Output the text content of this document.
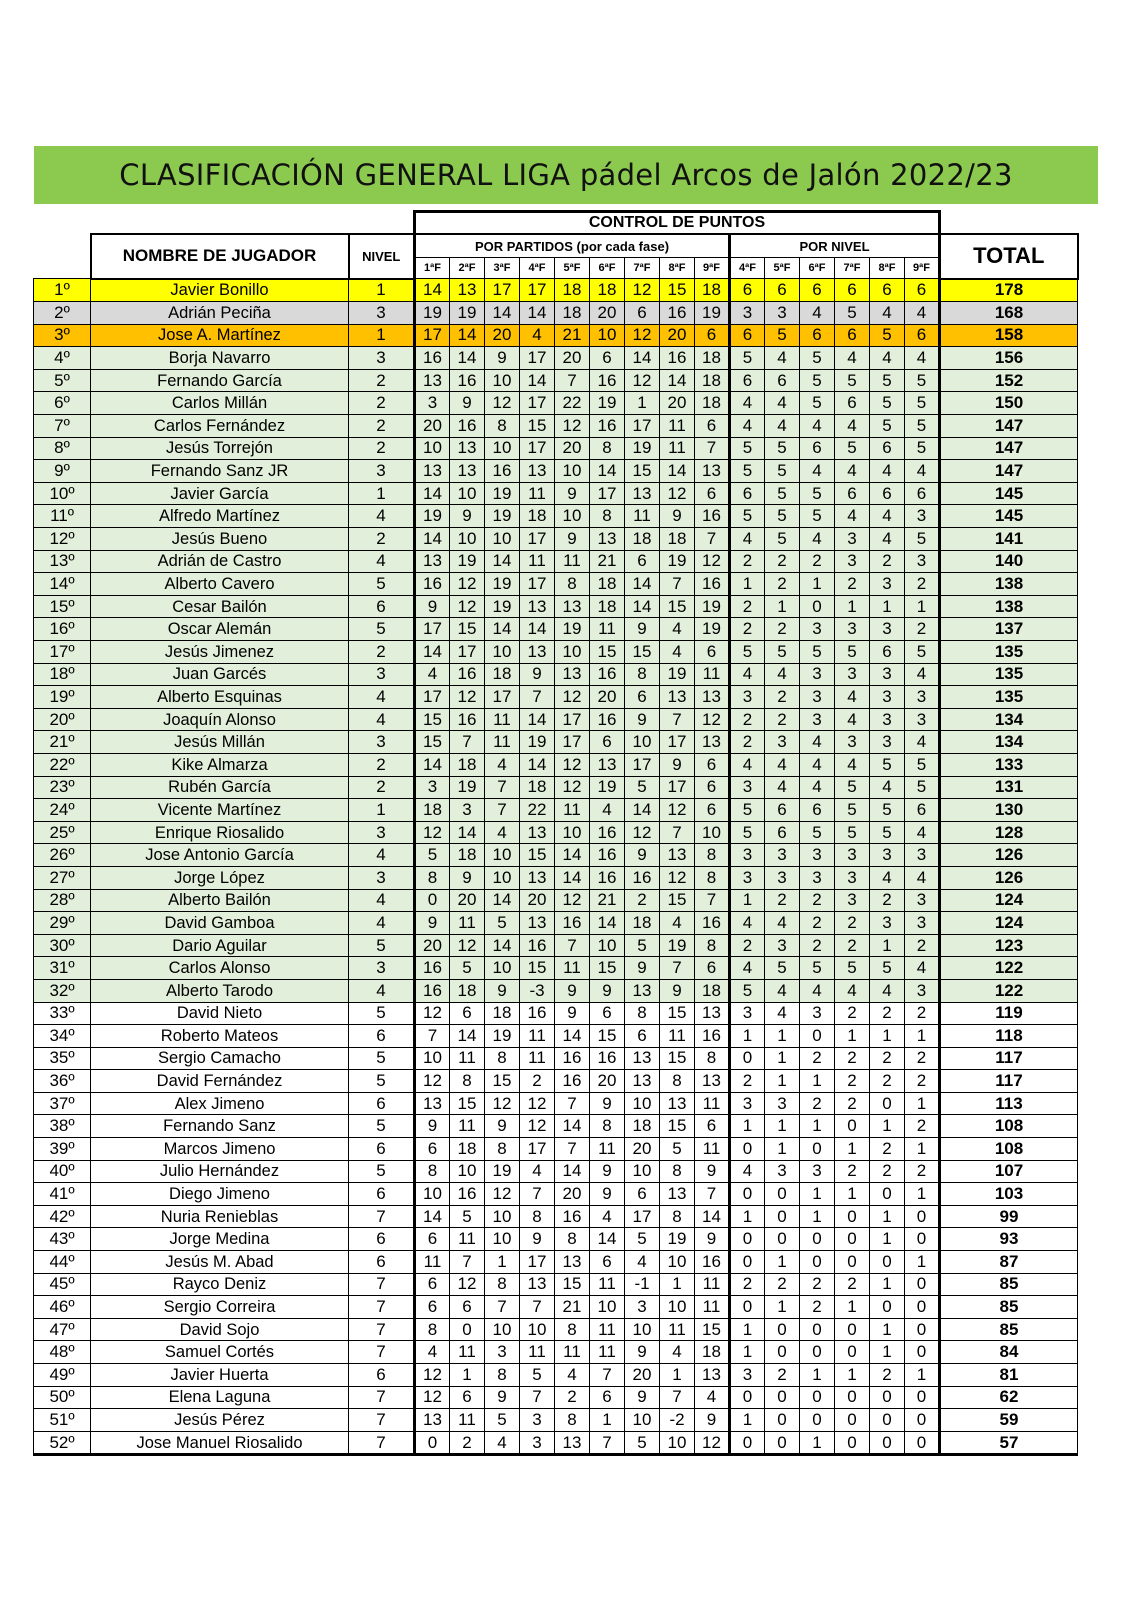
CLASIFICACIÓN GENERAL LIGA pádel Arcos de Jalón 2022/23
			CONTROL DE PUNTOS															
	NOMBRE DE JUGADOR	NIVEL	POR PARTIDOS (por cada fase)									POR NIVEL						TOTAL
			1ªF	2ªF	3ªF	4ªF	5ªF	6ªF	7ªF	8ªF	9ªF	4ªF	5ªF	6ªF	7ªF	8ªF	9ªF	
1º	Javier Bonillo	1	14	13	17	17	18	18	12	15	18	6	6	6	6	6	6	178
2º	Adrián Peciña	3	19	19	14	14	18	20	6	16	19	3	3	4	5	4	4	168
3º	Jose A. Martínez	1	17	14	20	4	21	10	12	20	6	6	5	6	6	5	6	158
4º	Borja Navarro	3	16	14	9	17	20	6	14	16	18	5	4	5	4	4	4	156
5º	Fernando García	2	13	16	10	14	7	16	12	14	18	6	6	5	5	5	5	152
6º	Carlos Millán	2	3	9	12	17	22	19	1	20	18	4	4	5	6	5	5	150
7º	Carlos Fernández	2	20	16	8	15	12	16	17	11	6	4	4	4	4	5	5	147
8º	Jesús Torrejón	2	10	13	10	17	20	8	19	11	7	5	5	6	5	6	5	147
9º	Fernando Sanz JR	3	13	13	16	13	10	14	15	14	13	5	5	4	4	4	4	147
10º	Javier García	1	14	10	19	11	9	17	13	12	6	6	5	5	6	6	6	145
11º	Alfredo Martínez	4	19	9	19	18	10	8	11	9	16	5	5	5	4	4	3	145
12º	Jesús Bueno	2	14	10	10	17	9	13	18	18	7	4	5	4	3	4	5	141
13º	Adrián de Castro	4	13	19	14	11	11	21	6	19	12	2	2	2	3	2	3	140
14º	Alberto Cavero	5	16	12	19	17	8	18	14	7	16	1	2	1	2	3	2	138
15º	Cesar Bailón	6	9	12	19	13	13	18	14	15	19	2	1	0	1	1	1	138
16º	Oscar Alemán	5	17	15	14	14	19	11	9	4	19	2	2	3	3	3	2	137
17º	Jesús Jimenez	2	14	17	10	13	10	15	15	4	6	5	5	5	5	6	5	135
18º	Juan Garcés	3	4	16	18	9	13	16	8	19	11	4	4	3	3	3	4	135
19º	Alberto Esquinas	4	17	12	17	7	12	20	6	13	13	3	2	3	4	3	3	135
20º	Joaquín Alonso	4	15	16	11	14	17	16	9	7	12	2	2	3	4	3	3	134
21º	Jesús Millán	3	15	7	11	19	17	6	10	17	13	2	3	4	3	3	4	134
22º	Kike Almarza	2	14	18	4	14	12	13	17	9	6	4	4	4	4	5	5	133
23º	Rubén García	2	3	19	7	18	12	19	5	17	6	3	4	4	5	4	5	131
24º	Vicente Martínez	1	18	3	7	22	11	4	14	12	6	5	6	6	5	5	6	130
25º	Enrique Riosalido	3	12	14	4	13	10	16	12	7	10	5	6	5	5	5	4	128
26º	Jose Antonio García	4	5	18	10	15	14	16	9	13	8	3	3	3	3	3	3	126
27º	Jorge López	3	8	9	10	13	14	16	16	12	8	3	3	3	3	4	4	126
28º	Alberto Bailón	4	0	20	14	20	12	21	2	15	7	1	2	2	3	2	3	124
29º	David Gamboa	4	9	11	5	13	16	14	18	4	16	4	4	2	2	3	3	124
30º	Dario Aguilar	5	20	12	14	16	7	10	5	19	8	2	3	2	2	1	2	123
31º	Carlos Alonso	3	16	5	10	15	11	15	9	7	6	4	5	5	5	5	4	122
32º	Alberto Tarodo	4	16	18	9	-3	9	9	13	9	18	5	4	4	4	4	3	122
33º	David Nieto	5	12	6	18	16	9	6	8	15	13	3	4	3	2	2	2	119
34º	Roberto Mateos	6	7	14	19	11	14	15	6	11	16	1	1	0	1	1	1	118
35º	Sergio Camacho	5	10	11	8	11	16	16	13	15	8	0	1	2	2	2	2	117
36º	David Fernández	5	12	8	15	2	16	20	13	8	13	2	1	1	2	2	2	117
37º	Alex Jimeno	6	13	15	12	12	7	9	10	13	11	3	3	2	2	0	1	113
38º	Fernando Sanz	5	9	11	9	12	14	8	18	15	6	1	1	1	0	1	2	108
39º	Marcos Jimeno	6	6	18	8	17	7	11	20	5	11	0	1	0	1	2	1	108
40º	Julio Hernández	5	8	10	19	4	14	9	10	8	9	4	3	3	2	2	2	107
41º	Diego Jimeno	6	10	16	12	7	20	9	6	13	7	0	0	1	1	0	1	103
42º	Nuria Renieblas	7	14	5	10	8	16	4	17	8	14	1	0	1	0	1	0	99
43º	Jorge Medina	6	6	11	10	9	8	14	5	19	9	0	0	0	0	1	0	93
44º	Jesús M. Abad	6	11	7	1	17	13	6	4	10	16	0	1	0	0	0	1	87
45º	Rayco Deniz	7	6	12	8	13	15	11	-1	1	11	2	2	2	2	1	0	85
46º	Sergio Correira	7	6	6	7	7	21	10	3	10	11	0	1	2	1	0	0	85
47º	David Sojo	7	8	0	10	10	8	11	10	11	15	1	0	0	0	1	0	85
48º	Samuel Cortés	7	4	11	3	11	11	11	9	4	18	1	0	0	0	1	0	84
49º	Javier Huerta	6	12	1	8	5	4	7	20	1	13	3	2	1	1	2	1	81
50º	Elena Laguna	7	12	6	9	7	2	6	9	7	4	0	0	0	0	0	0	62
51º	Jesús Pérez	7	13	11	5	3	8	1	10	-2	9	1	0	0	0	0	0	59
52º	Jose Manuel Riosalido	7	0	2	4	3	13	7	5	10	12	0	0	1	0	0	0	57
